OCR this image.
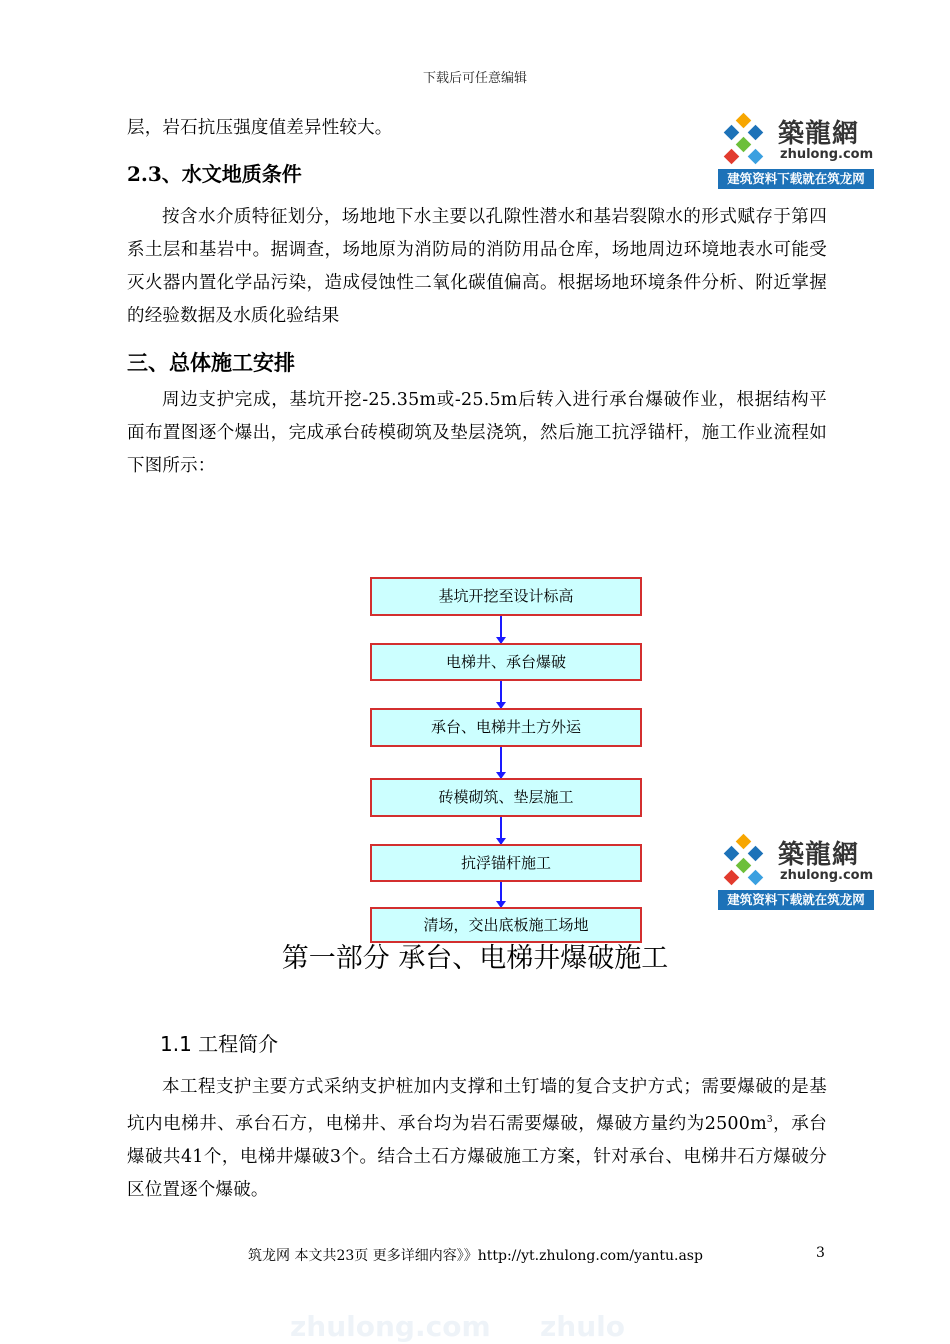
zhulong.com zhulo
下载后可任意编辑
层，岩石抗压强度值差异性较大。	築龍網
zhulong.com
建筑资料下载就在筑龙网
2.3、水文地质条件
按含水介质特征划分，场地地下水主要以孔隙性潜水和基岩裂隙水的形式赋存于第四系土层和基岩中。据调查，场地原为消防局的消防用品仓库，场地周边环境地表水可能受灭火器内置化学品污染，造成侵蚀性二氧化碳值偏高。根据场地环境条件分析、附近掌握的经验数据及水质化验结果
三、总体施工安排
周边支护完成，基坑开挖-25.35m或-25.5m后转入进行承台爆破作业，根据结构平面布置图逐个爆出，完成承台砖模砌筑及垫层浇筑，然后施工抗浮锚杆，施工作业流程如下图所示：
基坑开挖至设计标高
电梯井、承台爆破
承台、电梯井土方外运
砖模砌筑、垫层施工
抗浮锚杆施工
清场，交出底板施工场地
築龍網
zhulong.com
建筑资料下载就在筑龙网
第一部分 承台、电梯井爆破施工
1.1 工程简介
本工程支护主要方式采纳支护桩加内支撑和土钉墙的复合支护方式；需要爆破的是基坑内电梯井、承台石方，电梯井、承台均为岩石需要爆破，爆破方量约为$2500m^3$，承台爆破共41个，电梯井爆破3个。结合土石方爆破施工方案，针对承台、电梯井石方爆破分区位置逐个爆破。
筑龙网 本文共23页 更多详细内容》》http://yt.zhulong.com/yantu.asp	3
